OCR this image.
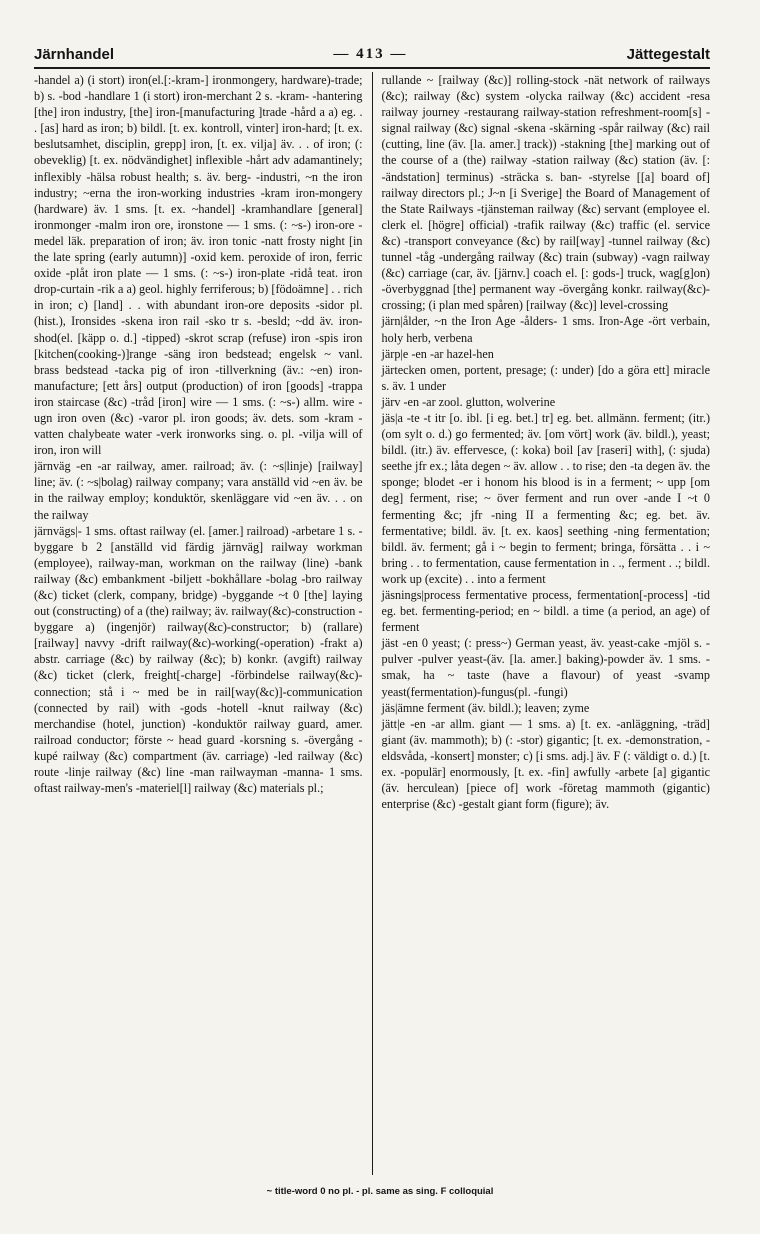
Järnhandel	— 413 —	Jättegestalt

-handel a) (i stort) iron(el.[:-kram-] ironmongery, hardware)-trade; b) s. -bod -handlare 1 (i stort) iron-merchant 2 s. -kram- -hantering [the] iron industry, [the] iron-[manufacturing ]trade -hård a a) eg. . . [as] hard as iron; b) bildl. [t. ex. kontroll, vinter] iron-hard; [t. ex. beslutsamhet, disciplin, grepp] iron, [t. ex. vilja] äv. . . of iron; (: obeveklig) [t. ex. nödvändighet] inflexible -hårt adv adamantinely; inflexibly -hälsa robust health; s. äv. berg- -industri, ~n the iron industry; ~erna the iron-working industries -kram iron-mongery (hardware) äv. 1 sms. [t. ex. ~handel] -kramhandlare [general] ironmonger -malm iron ore, ironstone — 1 sms. (: ~s-) iron-ore -medel läk. preparation of iron; äv. iron tonic -natt frosty night [in the late spring (early autumn)] -oxid kem. peroxide of iron, ferric oxide -plåt iron plate — 1 sms. (: ~s-) iron-plate -ridå teat. iron drop-curtain -rik a a) geol. highly ferriferous; b) [födoämne] . . rich in iron; c) [land] . . with abundant iron-ore deposits -sidor pl. (hist.), Ironsides -skena iron rail -sko tr s. -besld; ~dd äv. iron-shod(el. [käpp o. d.] -tipped) -skrot scrap (refuse) iron -spis iron [kitchen(cooking-)]range -säng iron bedstead; engelsk ~ vanl. brass bedstead -tacka pig of iron -tillverkning (äv.: ~en) iron-manufacture; [ett års] output (production) of iron [goods] -trappa iron staircase (&c) -tråd [iron] wire — 1 sms. (: ~s-) allm. wire -ugn iron oven (&c) -varor pl. iron goods; äv. dets. som -kram -vatten chalybeate water -verk ironworks sing. o. pl. -vilja will of iron, iron will

järnväg -en -ar railway, amer. railroad; äv. (: ~s|linje) [railway] line; äv. (: ~s|bolag) railway company; vara anställd vid ~en äv. be in the railway employ; konduktör, skenläggare vid ~en äv. . . on the railway

järnvägs|- 1 sms. oftast railway (el. [amer.] railroad) -arbetare 1 s. -byggare b 2 [anställd vid färdig järnväg] railway workman (employee), railway-man, workman on the railway (line) -bank railway (&c) embankment -biljett -bokhållare -bolag -bro railway (&c) ticket (clerk, company, bridge) -byggande ~t 0 [the] laying out (constructing) of a (the) railway; äv. railway(&c)-construction -byggare a) (ingenjör) railway(&c)-constructor; b) (rallare) [railway] navvy -drift railway(&c)-working(-operation) -frakt a) abstr. carriage (&c) by railway (&c); b) konkr. (avgift) railway (&c) ticket (clerk, freight[-charge] -förbindelse railway(&c)-connection; stå i ~ med be in rail[way(&c)]-communication (connected by rail) with -gods -hotell -knut railway (&c) merchandise (hotel, junction) -konduktör railway guard, amer. railroad conductor; förste ~ head guard -korsning s. -övergång -kupé railway (&c) compartment (äv. carriage) -led railway (&c) route -linje railway (&c) line -man railwayman -manna- 1 sms. oftast railway-men's -materiel[l] railway (&c) materials pl.;

rullande ~ [railway (&c)] rolling-stock -nät network of railways (&c); railway (&c) system -olycka railway (&c) accident -resa railway journey -restaurang railway-station refreshment-room[s] -signal railway (&c) signal -skena -skärning -spår railway (&c) rail (cutting, line (äv. [la. amer.] track)) -stakning [the] marking out of the course of a (the) railway -station railway (&c) station (äv. [: -ändstation] terminus) -sträcka s. ban- -styrelse [[a] board of] railway directors pl.; J~n [i Sverige] the Board of Management of the State Railways -tjänsteman railway (&c) servant (employee el. clerk el. [högre] official) -trafik railway (&c) traffic (el. service &c) -transport conveyance (&c) by rail[way] -tunnel railway (&c) tunnel -tåg -undergång railway (&c) train (subway) -vagn railway (&c) carriage (car, äv. [järnv.] coach el. [: gods-] truck, wag[g]on) -överbyggnad [the] permanent way -övergång konkr. railway(&c)-crossing; (i plan med spåren) [railway (&c)] level-crossing

järn|ålder, ~n the Iron Age -ålders- 1 sms. Iron-Age -ört verbain, holy herb, verbena

järp|e -en -ar hazel-hen

järtecken omen, portent, presage; (: under) [do a göra ett] miracle s. äv. 1 under

järv -en -ar zool. glutton, wolverine

jäs|a -te -t itr [o. ibl. [i eg. bet.] tr] eg. bet. allmänn. ferment; (itr.) (om sylt o. d.) go fermented; äv. [om vört] work (äv. bildl.), yeast; bildl. (itr.) äv. effervesce, (: koka) boil [av [raseri] with], (: sjuda) seethe jfr ex.; låta degen ~ äv. allow . . to rise; den -ta degen äv. the sponge; blodet -er i honom his blood is in a ferment; ~ upp [om deg] ferment, rise; ~ över ferment and run over -ande I ~t 0 fermenting &c; jfr -ning II a fermenting &c; eg. bet. äv. fermentative; bildl. äv. [t. ex. kaos] seething -ning fermentation; bildl. äv. ferment; gå i ~ begin to ferment; bringa, försätta . . i ~ bring . . to fermentation, cause fermentation in . ., ferment . .; bildl. work up (excite) . . into a ferment

jäsnings|process fermentative process, fermentation[-process] -tid eg. bet. fermenting-period; en ~ bildl. a time (a period, an age) of ferment

jäst -en 0 yeast; (: press~) German yeast, äv. yeast-cake -mjöl s. -pulver -pulver yeast-(äv. [la. amer.] baking)-powder äv. 1 sms. -smak, ha ~ taste (have a flavour) of yeast -svamp yeast(fermentation)-fungus(pl. -fungi)

jäs|ämne ferment (äv. bildl.); leaven; zyme

jätt|e -en -ar allm. giant — 1 sms. a) [t. ex. -anläggning, -träd] giant (äv. mammoth); b) (: -stor) gigantic; [t. ex. -demonstration, -eldsvåda, -konsert] monster; c) [i sms. adj.] äv. F (: väldigt o. d.) [t. ex. -populär] enormously, [t. ex. -fin] awfully -arbete [a] gigantic (äv. herculean) [piece of] work -företag mammoth (gigantic) enterprise (&c) -gestalt giant form (figure); äv.

~ title-word 0 no pl. - pl. same as sing. F colloquial
